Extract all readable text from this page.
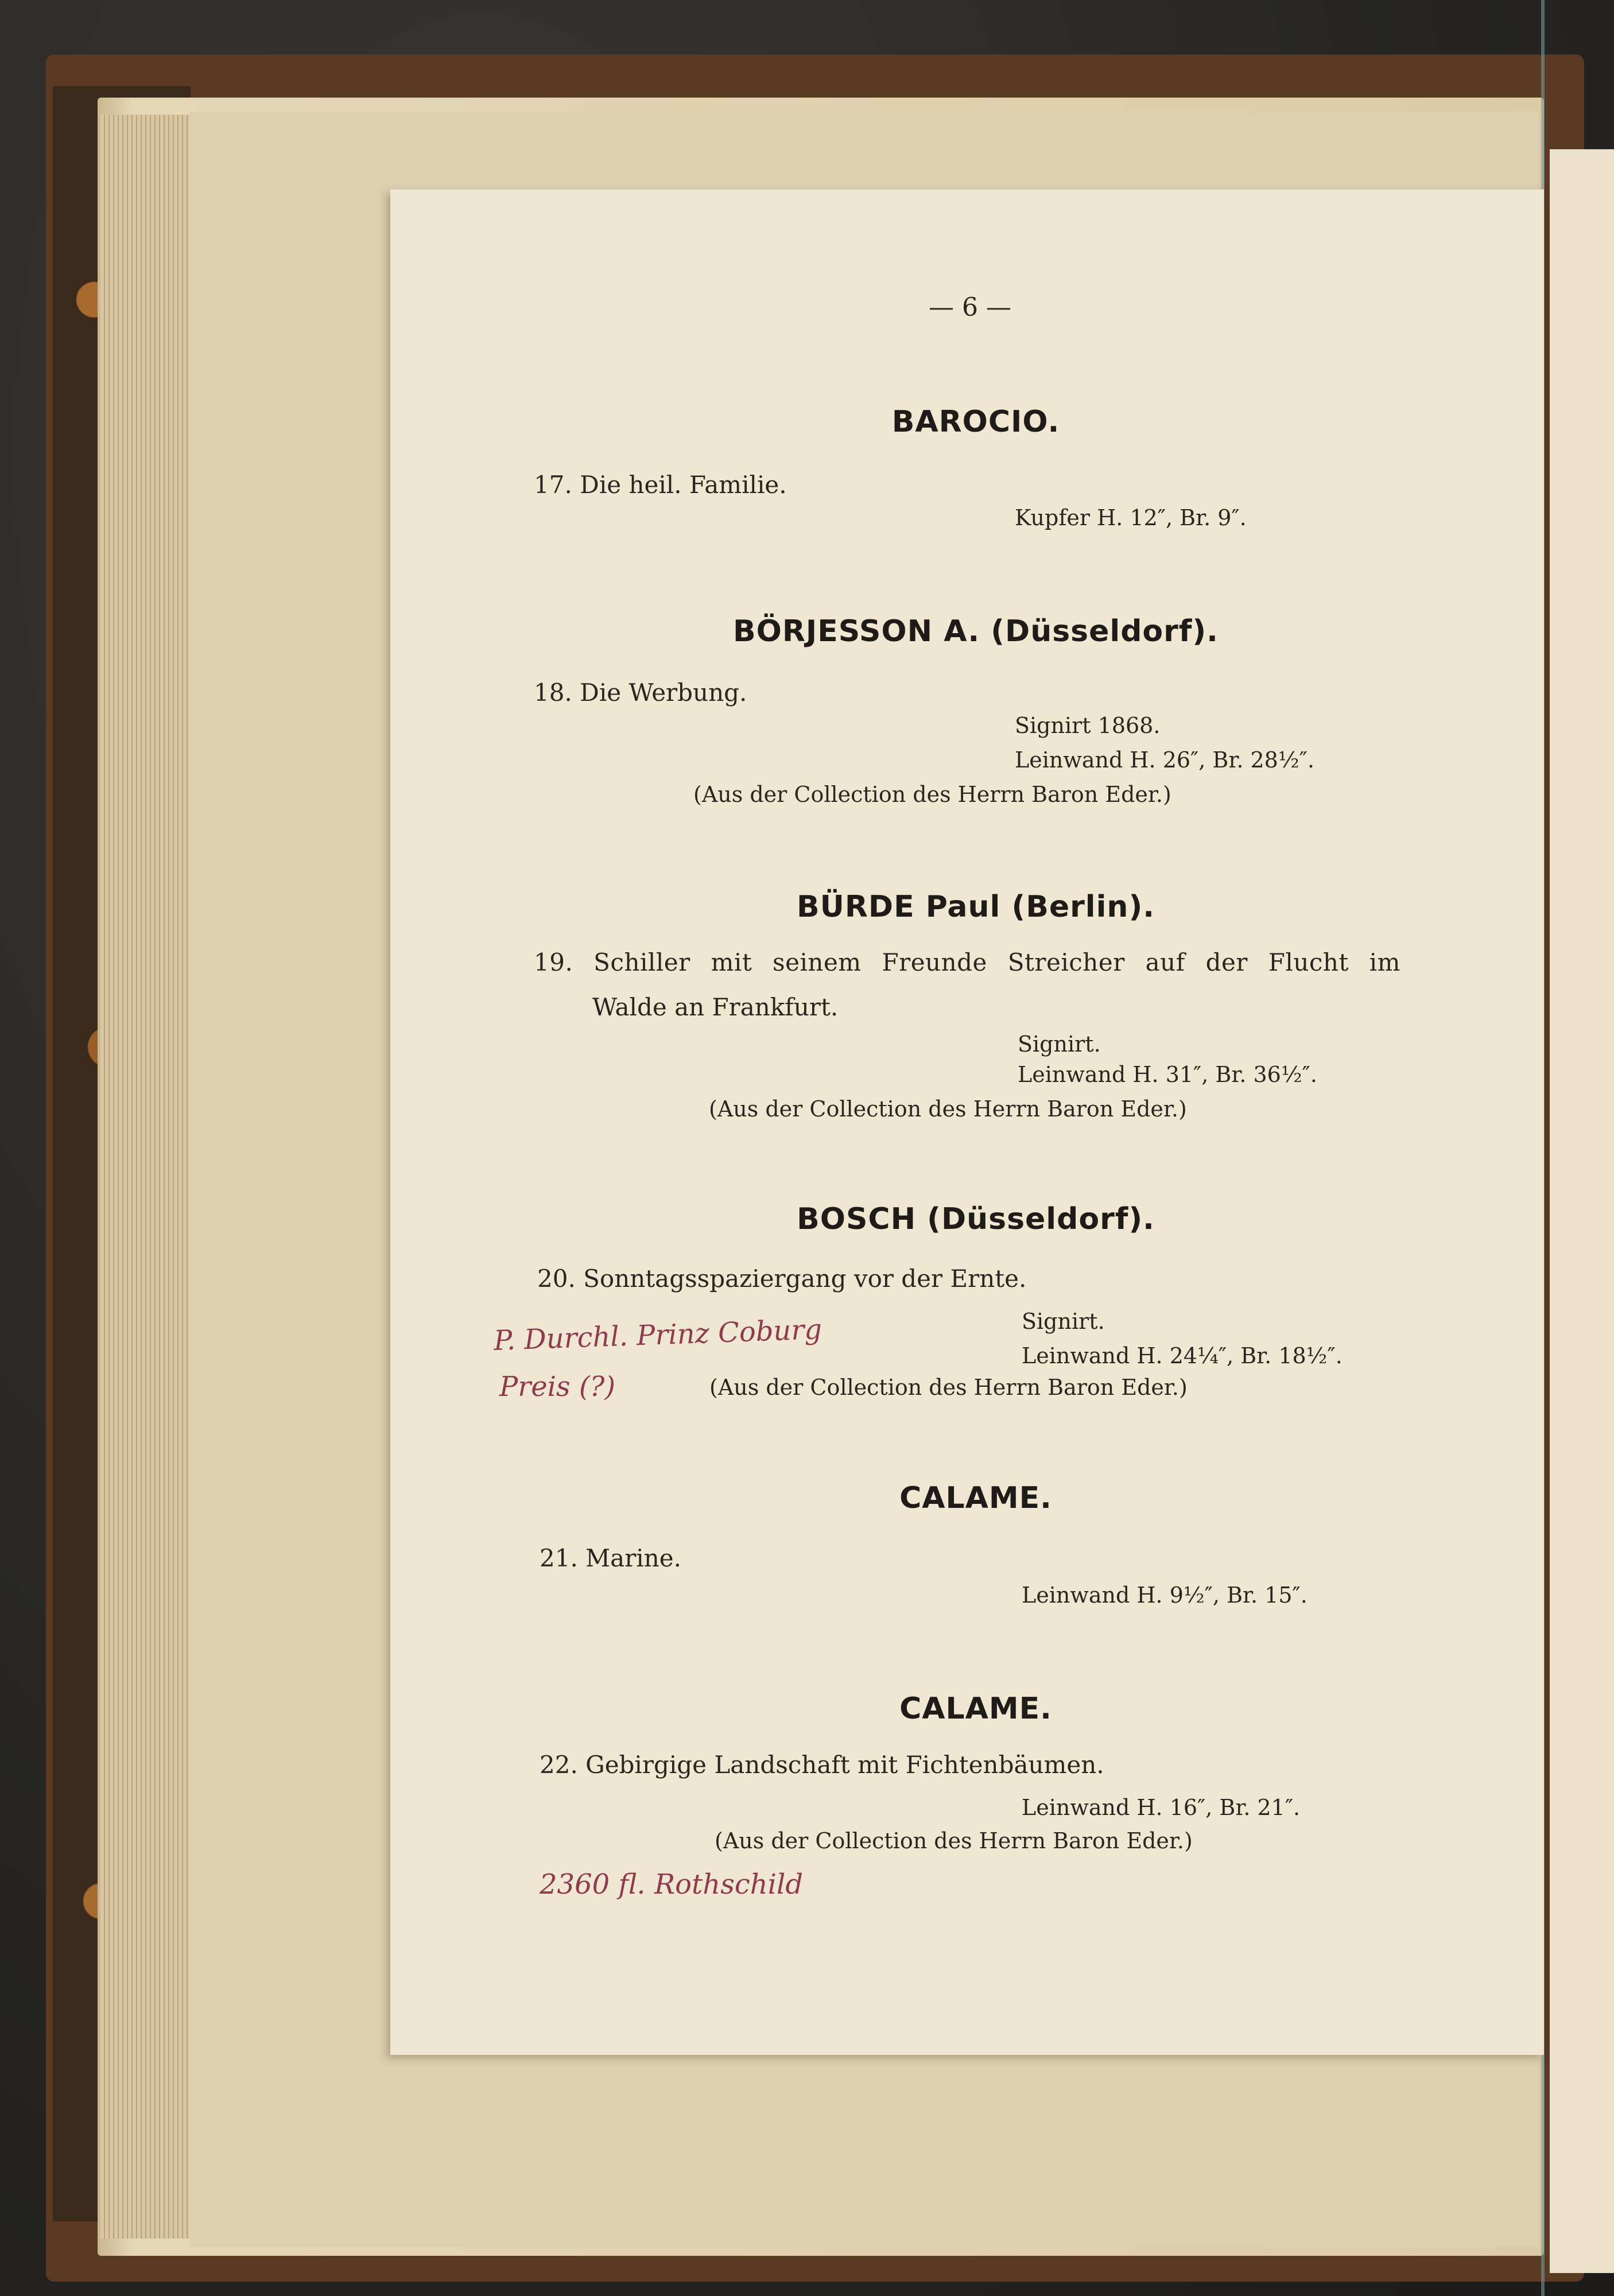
— 6 —
BAROCIO.
17. Die heil. Familie.
Kupfer H. 12″, Br. 9″.
BÖRJESSON A. (Düsseldorf).
18. Die Werbung.
Signirt 1868.
Leinwand H. 26″, Br. 28½″.
(Aus der Collection des Herrn Baron Eder.)
BÜRDE Paul (Berlin).
19. Schiller mit seinem Freunde Streicher auf der Flucht im
Walde an Frankfurt.
Signirt.
Leinwand H. 31″, Br. 36½″.
(Aus der Collection des Herrn Baron Eder.)
BOSCH (Düsseldorf).
20. Sonntagsspaziergang vor der Ernte.
Signirt.
Leinwand H. 24¼″, Br. 18½″.
(Aus der Collection des Herrn Baron Eder.)
P. Durchl. Prinz Coburg
Preis (?)
CALAME.
21. Marine.
Leinwand H. 9½″, Br. 15″.
CALAME.
22. Gebirgige Landschaft mit Fichtenbäumen.
Leinwand H. 16″, Br. 21″.
(Aus der Collection des Herrn Baron Eder.)
2360 fl. Rothschild
